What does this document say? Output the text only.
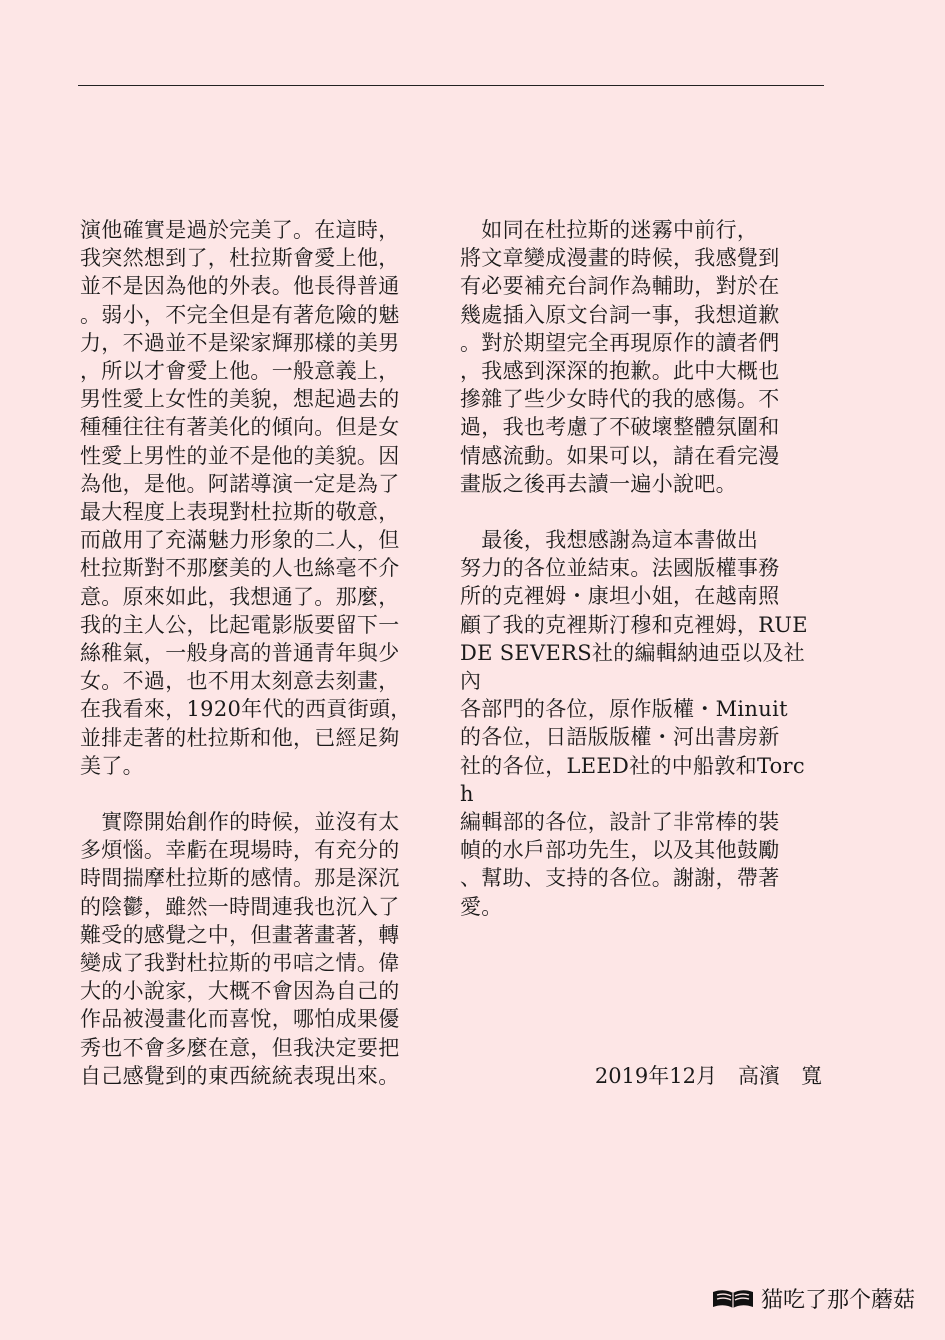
演他確實是過於完美了。在這時，
我突然想到了，杜拉斯會愛上他，
並不是因為他的外表。他長得普通
。弱小，不完全但是有著危險的魅
力，不過並不是梁家輝那樣的美男
，所以才會愛上他。一般意義上，
男性愛上女性的美貌，想起過去的
種種往往有著美化的傾向。但是女
性愛上男性的並不是他的美貌。因
為他，是他。阿諾導演一定是為了
最大程度上表現對杜拉斯的敬意，
而啟用了充滿魅力形象的二人，但
杜拉斯對不那麼美的人也絲毫不介
意。原來如此，我想通了。那麼，
我的主人公，比起電影版要留下一
絲稚氣，一般身高的普通青年與少
女。不過，也不用太刻意去刻畫，
在我看來，1920年代的西貢街頭，
並排走著的杜拉斯和他，已經足夠
美了。

　實際開始創作的時候，並沒有太
多煩惱。幸虧在現場時，有充分的
時間揣摩杜拉斯的感情。那是深沉
的陰鬱，雖然一時間連我也沉入了
難受的感覺之中，但畫著畫著，轉
變成了我對杜拉斯的弔唁之情。偉
大的小說家，大概不會因為自己的
作品被漫畫化而喜悅，哪怕成果優
秀也不會多麼在意，但我決定要把
自己感覺到的東西統統表現出來。

　如同在杜拉斯的迷霧中前行，
將文章變成漫畫的時候，我感覺到
有必要補充台詞作為輔助，對於在
幾處插入原文台詞一事，我想道歉
。對於期望完全再現原作的讀者們
，我感到深深的抱歉。此中大概也
摻雜了些少女時代的我的感傷。不
過，我也考慮了不破壞整體氛圍和
情感流動。如果可以，請在看完漫
畫版之後再去讀一遍小說吧。

　最後，我想感謝為這本書做出
努力的各位並結束。法國版權事務
所的克裡姆・康坦小姐，在越南照
顧了我的克裡斯汀穆和克裡姆，RUE
DE SEVERS社的編輯納迪亞以及社內
各部門的各位，原作版權・Minuit
的各位，日語版版權・河出書房新
社的各位，LEED社的中船敦和Torch
編輯部的各位，設計了非常棒的裝
幀的水戶部功先生，以及其他鼓勵
、幫助、支持的各位。謝謝，帶著
愛。

2019年12月　高濱　寬
猫吃了那个蘑菇
